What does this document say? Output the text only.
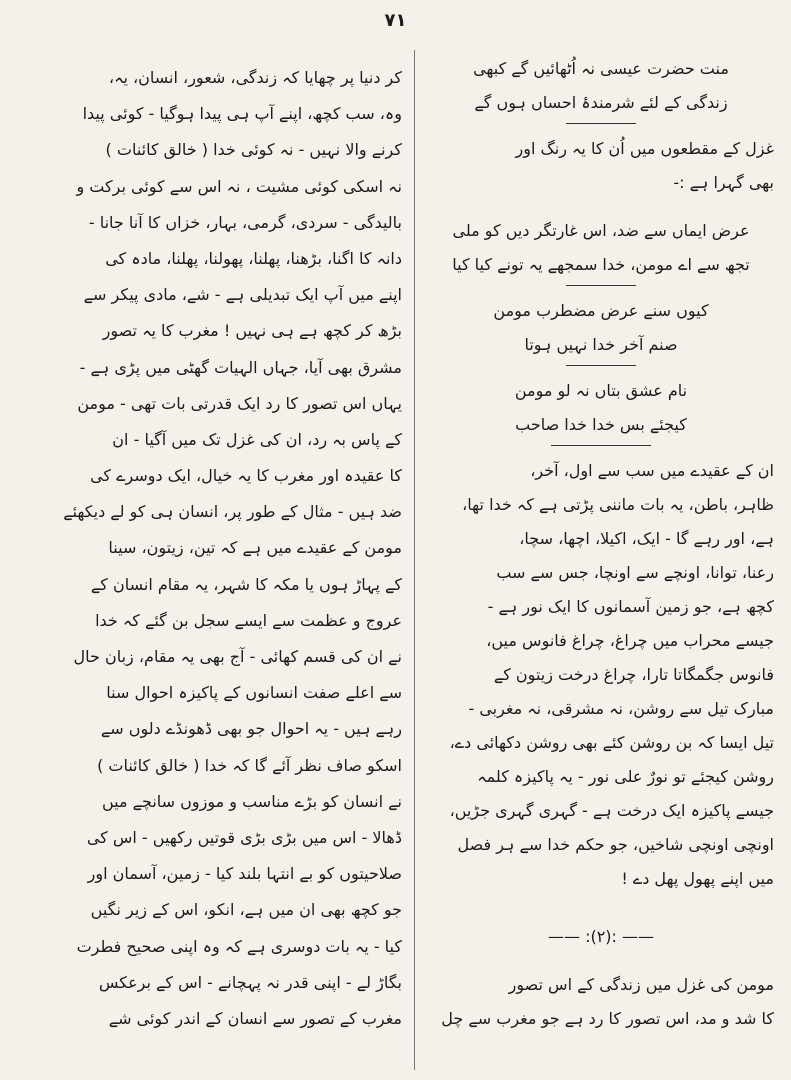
۷۱
کر دنیا پر چھایا کہ زندگی، شعور، انسان، یہ،
وہ، سب کچھ، اپنے آپ ہی پیدا ہوگیا - کوئی پیدا
کرنے والا نہیں - نہ کوئی خدا ( خالق کائنات )
نہ اسکی کوئی مشیت ، نہ اس سے کوئی برکت و
بالیدگی - سردی، گرمی، بہار، خزاں کا آنا جانا -
دانہ کا اگنا، بڑھنا، پھلنا، پھولنا، پھلنا، مادہ کی
اپنے میں آپ ایک تبدیلی ہے - شے، مادی پیکر سے
بڑھ کر کچھ ہے ہی نہیں ! مغرب کا یہ تصور
مشرق بھی آیا، جہاں الہیات گھٹی میں پڑی ہے -
یہاں اس تصور کا رد ایک قدرتی بات تھی - مومن
کے پاس بہ رد، ان کی غزل تک میں آگیا - ان
کا عقیدہ اور مغرب کا یہ خیال، ایک دوسرے کی
ضد ہیں - مثال کے طور پر، انسان ہی کو لے دیکھئے
مومن کے عقیدے میں ہے کہ تین، زیتون، سینا
کے پہاڑ ہوں یا مکہ کا شہر، یہ مقام انسان کے
عروج و عظمت سے ایسے سجل بن گئے کہ خدا
نے ان کی قسم کھائی - آج بھی یہ مقام، زبان حال
سے اعلے صفت انسانوں کے پاکیزہ احوال سنا
رہے ہیں - یہ احوال جو بھی ڈھونڈے دلوں سے
اسکو صاف نظر آئے گا کہ خدا ( خالق کائنات )
نے انسان کو بڑے مناسب و موزوں سانچے میں
ڈھالا - اس میں بڑی بڑی قوتیں رکھیں - اس کی
صلاحیتوں کو بے انتہا بلند کیا - زمین، آسمان اور
جو کچھ بھی ان میں ہے، انکو، اس کے زیر نگیں
کیا - یہ بات دوسری ہے کہ وہ اپنی صحیح فطرت
بگاڑ لے - اپنی قدر نہ پہچانے - اس کے برعکس
مغرب کے تصور سے انسان کے اندر کوئی شے
منت حضرت عیسی نہ اُٹھائیں گے کبھی
زندگی کے لئے شرمندۂ احساں ہوں گے
غزل کے مقطعوں میں اُن کا یہ رنگ اور
بھی گہرا ہے :-
عرض ایماں سے ضد، اس غارتگر دیں کو ملی
تجھ سے اے مومن، خدا سمجھے یہ تونے کیا کیا
کیوں سنے عرض مضطرب مومن
صنم آخر خدا نہیں ہوتا
نام عشق بتاں نہ لو مومن
کیجئے بس خدا خدا صاحب
ان کے عقیدے میں سب سے اول، آخر،
ظاہر، باطن، یہ بات ماننی پڑتی ہے کہ خدا تھا،
ہے، اور رہے گا - ایک، اکیلا، اچھا، سچا،
رعنا، توانا، اونچے سے اونچا، جس سے سب
کچھ ہے، جو زمین آسمانوں کا ایک نور ہے -
جیسے محراب میں چراغ، چراغ فانوس میں،
فانوس جگمگاتا تارا، چراغ درخت زیتون کے
مبارک تیل سے روشن، نہ مشرقی، نہ مغربی -
تیل ایسا کہ بن روشن کئے بھی روشن دکھائی دے،
روشن کیجئے تو نورٌ علی نور - یہ پاکیزہ کلمہ
جیسے پاکیزہ ایک درخت ہے - گہری گہری جڑیں،
اونچی اونچی شاخیں، جو حکم خدا سے ہر فصل
میں اپنے پھول پھل دے !
—— :(۲): ——
مومن کی غزل میں زندگی کے اس تصور
کا شد و مد، اس تصور کا رد ہے جو مغرب سے چل
